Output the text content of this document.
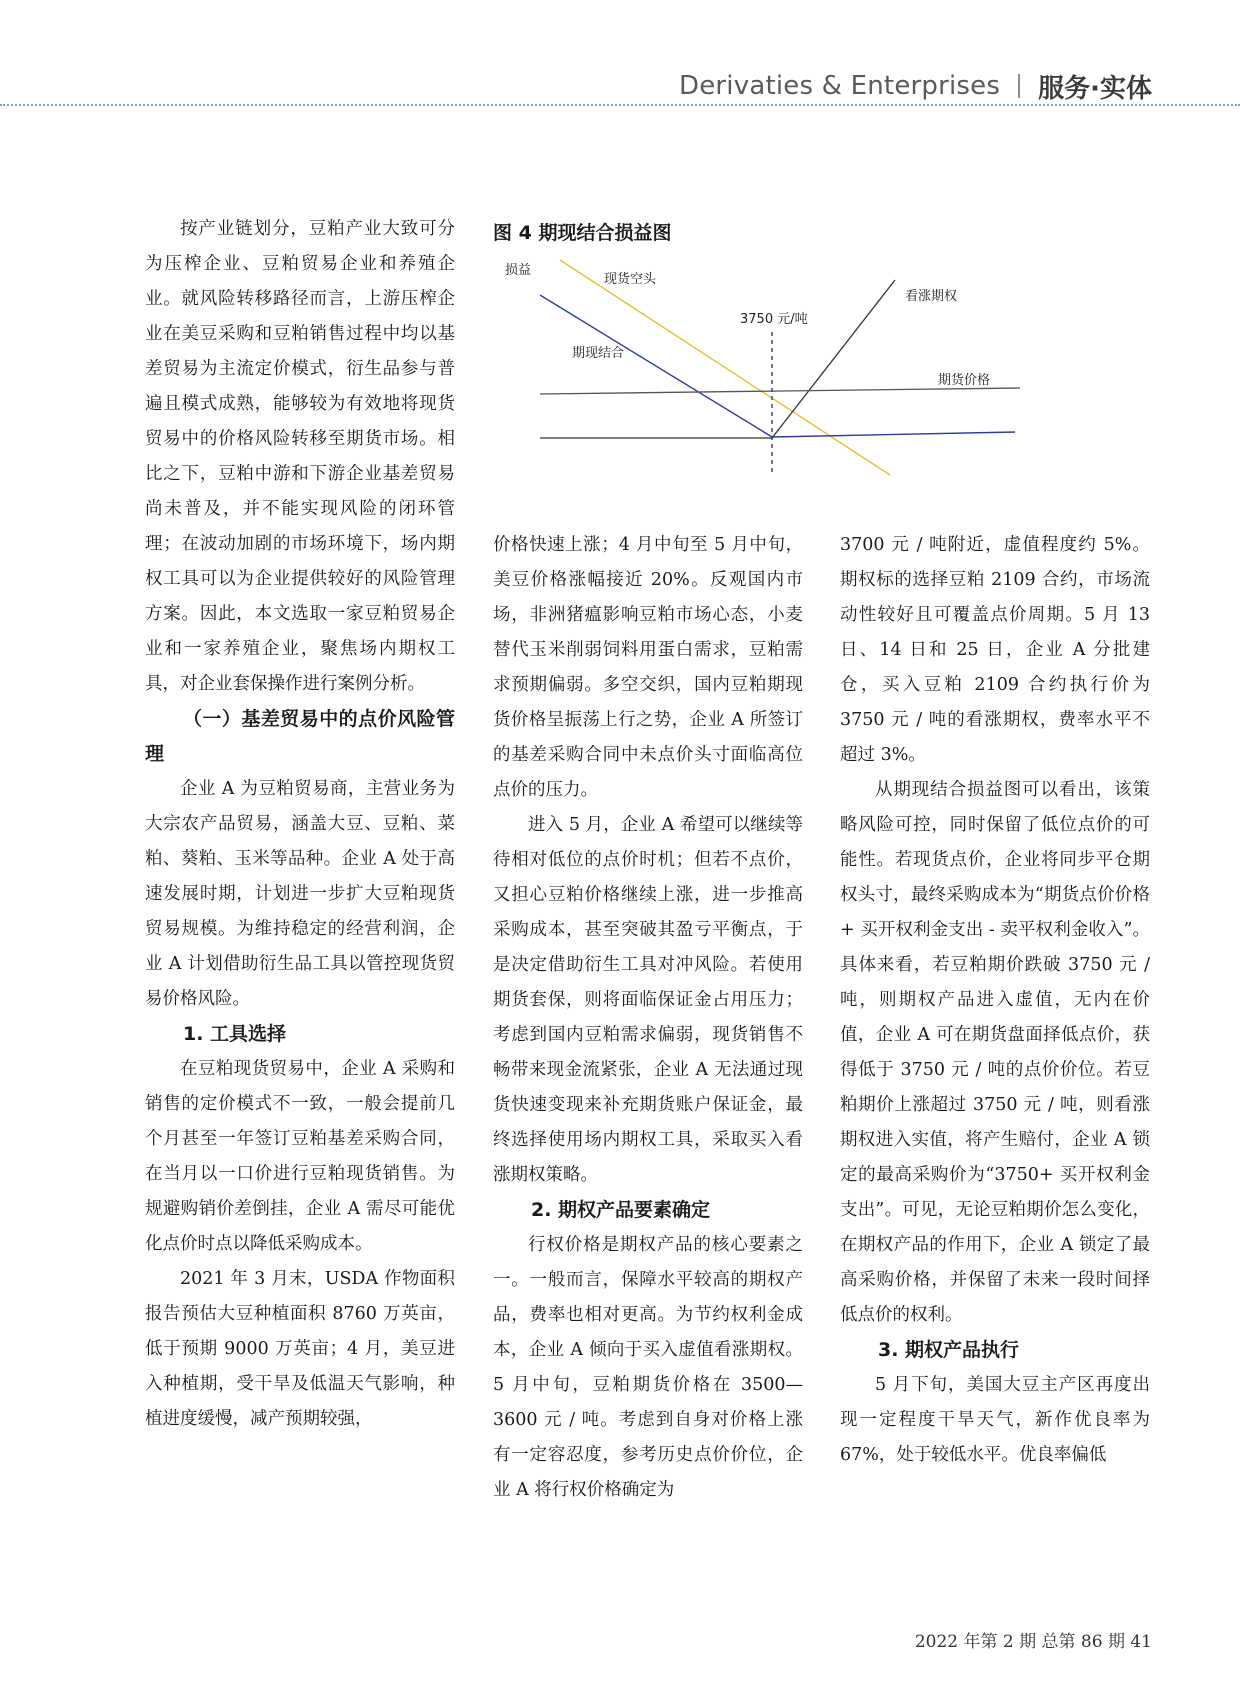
Derivaties & Enterprises 服务·实体

按产业链划分，豆粕产业大致可分为压榨企业、豆粕贸易企业和养殖企业。就风险转移路径而言，上游压榨企业在美豆采购和豆粕销售过程中均以基差贸易为主流定价模式，衍生品参与普遍且模式成熟，能够较为有效地将现货贸易中的价格风险转移至期货市场。相比之下，豆粕中游和下游企业基差贸易尚未普及，并不能实现风险的闭环管理；在波动加剧的市场环境下，场内期权工具可以为企业提供较好的风险管理方案。因此，本文选取一家豆粕贸易企业和一家养殖企业，聚焦场内期权工具，对企业套保操作进行案例分析。

（一）基差贸易中的点价风险管理

企业 A 为豆粕贸易商，主营业务为大宗农产品贸易，涵盖大豆、豆粕、菜粕、葵粕、玉米等品种。企业 A 处于高速发展时期，计划进一步扩大豆粕现货贸易规模。为维持稳定的经营利润，企业 A 计划借助衍生品工具以管控现货贸易价格风险。

1. 工具选择

在豆粕现货贸易中，企业 A 采购和销售的定价模式不一致，一般会提前几个月甚至一年签订豆粕基差采购合同，在当月以一口价进行豆粕现货销售。为规避购销价差倒挂，企业 A 需尽可能优化点价时点以降低采购成本。

2021 年 3 月末，USDA 作物面积报告预估大豆种植面积 8760 万英亩，低于预期 9000 万英亩；4 月，美豆进入种植期，受干旱及低温天气影响，种植进度缓慢，减产预期较强，

图 4 期现结合损益图
损益
现货空头
3750 元/吨
期现结合
看涨期权
期货价格

价格快速上涨；4 月中旬至 5 月中旬，美豆价格涨幅接近 20%。反观国内市场，非洲猪瘟影响豆粕市场心态，小麦替代玉米削弱饲料用蛋白需求，豆粕需求预期偏弱。多空交织，国内豆粕期现货价格呈振荡上行之势，企业 A 所签订的基差采购合同中未点价头寸面临高位点价的压力。

进入 5 月，企业 A 希望可以继续等待相对低位的点价时机；但若不点价，又担心豆粕价格继续上涨，进一步推高采购成本，甚至突破其盈亏平衡点，于是决定借助衍生工具对冲风险。若使用期货套保，则将面临保证金占用压力；考虑到国内豆粕需求偏弱，现货销售不畅带来现金流紧张，企业 A 无法通过现货快速变现来补充期货账户保证金，最终选择使用场内期权工具，采取买入看涨期权策略。

2. 期权产品要素确定

行权价格是期权产品的核心要素之一。一般而言，保障水平较高的期权产品，费率也相对更高。为节约权利金成本，企业 A 倾向于买入虚值看涨期权。5 月中旬，豆粕期货价格在 3500—3600 元 / 吨。考虑到自身对价格上涨有一定容忍度，参考历史点价价位，企业 A 将行权价格确定为

3700 元 / 吨附近，虚值程度约 5%。期权标的选择豆粕 2109 合约，市场流动性较好且可覆盖点价周期。5 月 13 日、14 日和 25 日，企业 A 分批建仓，买入豆粕 2109 合约执行价为 3750 元 / 吨的看涨期权，费率水平不超过 3%。

从期现结合损益图可以看出，该策略风险可控，同时保留了低位点价的可能性。若现货点价，企业将同步平仓期权头寸，最终采购成本为“期货点价价格 + 买开权利金支出 - 卖平权利金收入”。具体来看，若豆粕期价跌破 3750 元 / 吨，则期权产品进入虚值，无内在价值，企业 A 可在期货盘面择低点价，获得低于 3750 元 / 吨的点价价位。若豆粕期价上涨超过 3750 元 / 吨，则看涨期权进入实值，将产生赔付，企业 A 锁定的最高采购价为“3750+ 买开权利金支出”。可见，无论豆粕期价怎么变化，在期权产品的作用下，企业 A 锁定了最高采购价格，并保留了未来一段时间择低点价的权利。

3. 期权产品执行

5 月下旬，美国大豆主产区再度出现一定程度干旱天气，新作优良率为 67%，处于较低水平。优良率偏低

2022 年第 2 期 总第 86 期 41
